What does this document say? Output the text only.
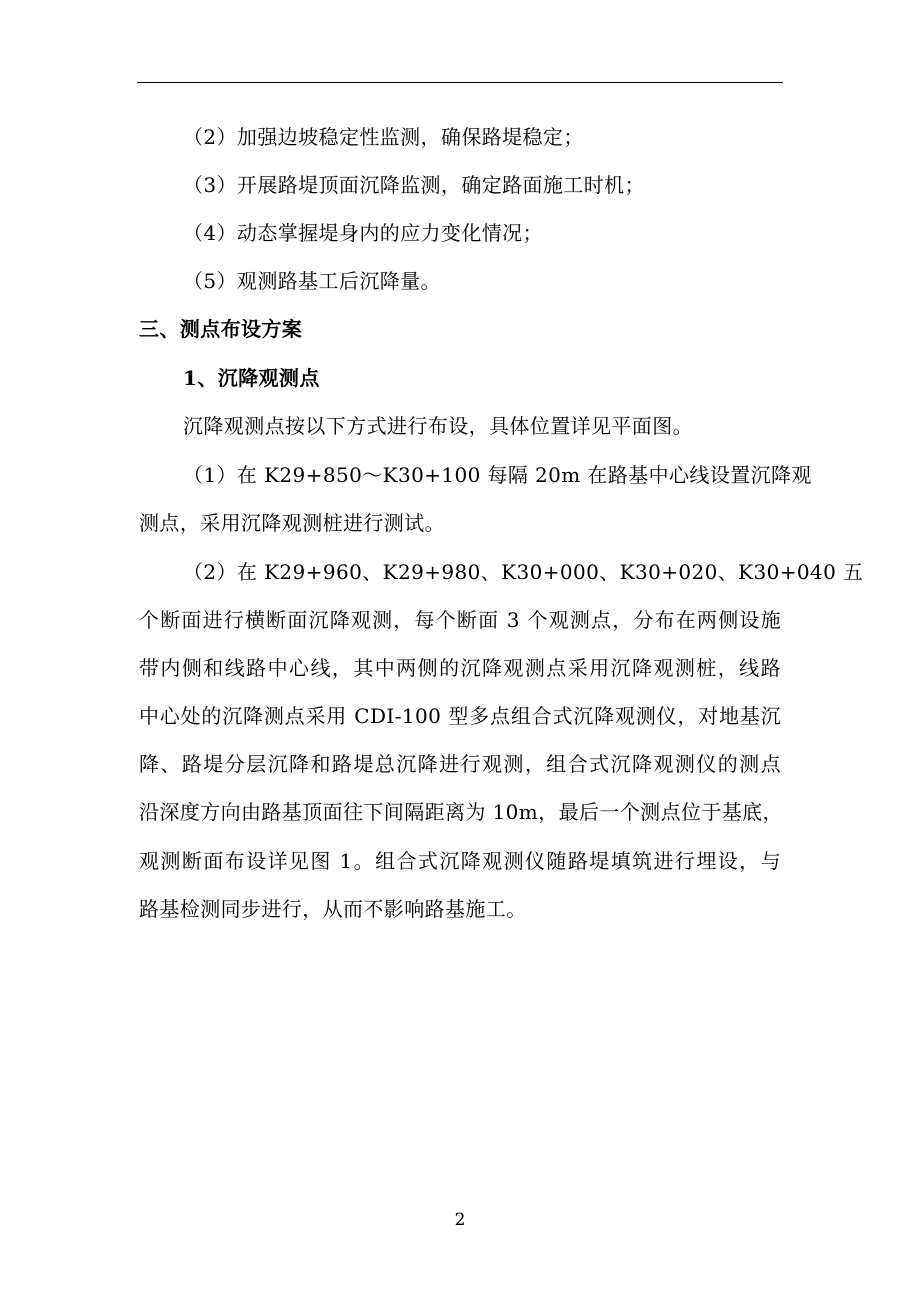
（2）加强边坡稳定性监测，确保路堤稳定；
（3）开展路堤顶面沉降监测，确定路面施工时机；
（4）动态掌握堤身内的应力变化情况；
（5）观测路基工后沉降量。
三、测点布设方案
1、沉降观测点
沉降观测点按以下方式进行布设，具体位置详见平面图。
（1）在 K29+850～K30+100 每隔 20m 在路基中心线设置沉降观
测点，采用沉降观测桩进行测试。
（2）在 K29+960、K29+980、K30+000、K30+020、K30+040 五
个断面进行横断面沉降观测，每个断面 3 个观测点，分布在两侧设施
带内侧和线路中心线，其中两侧的沉降观测点采用沉降观测桩，线路
中心处的沉降测点采用 CDI-100 型多点组合式沉降观测仪，对地基沉
降、路堤分层沉降和路堤总沉降进行观测，组合式沉降观测仪的测点
沿深度方向由路基顶面往下间隔距离为 10m，最后一个测点位于基底，
观测断面布设详见图 1。组合式沉降观测仪随路堤填筑进行埋设，与
路基检测同步进行，从而不影响路基施工。
2
